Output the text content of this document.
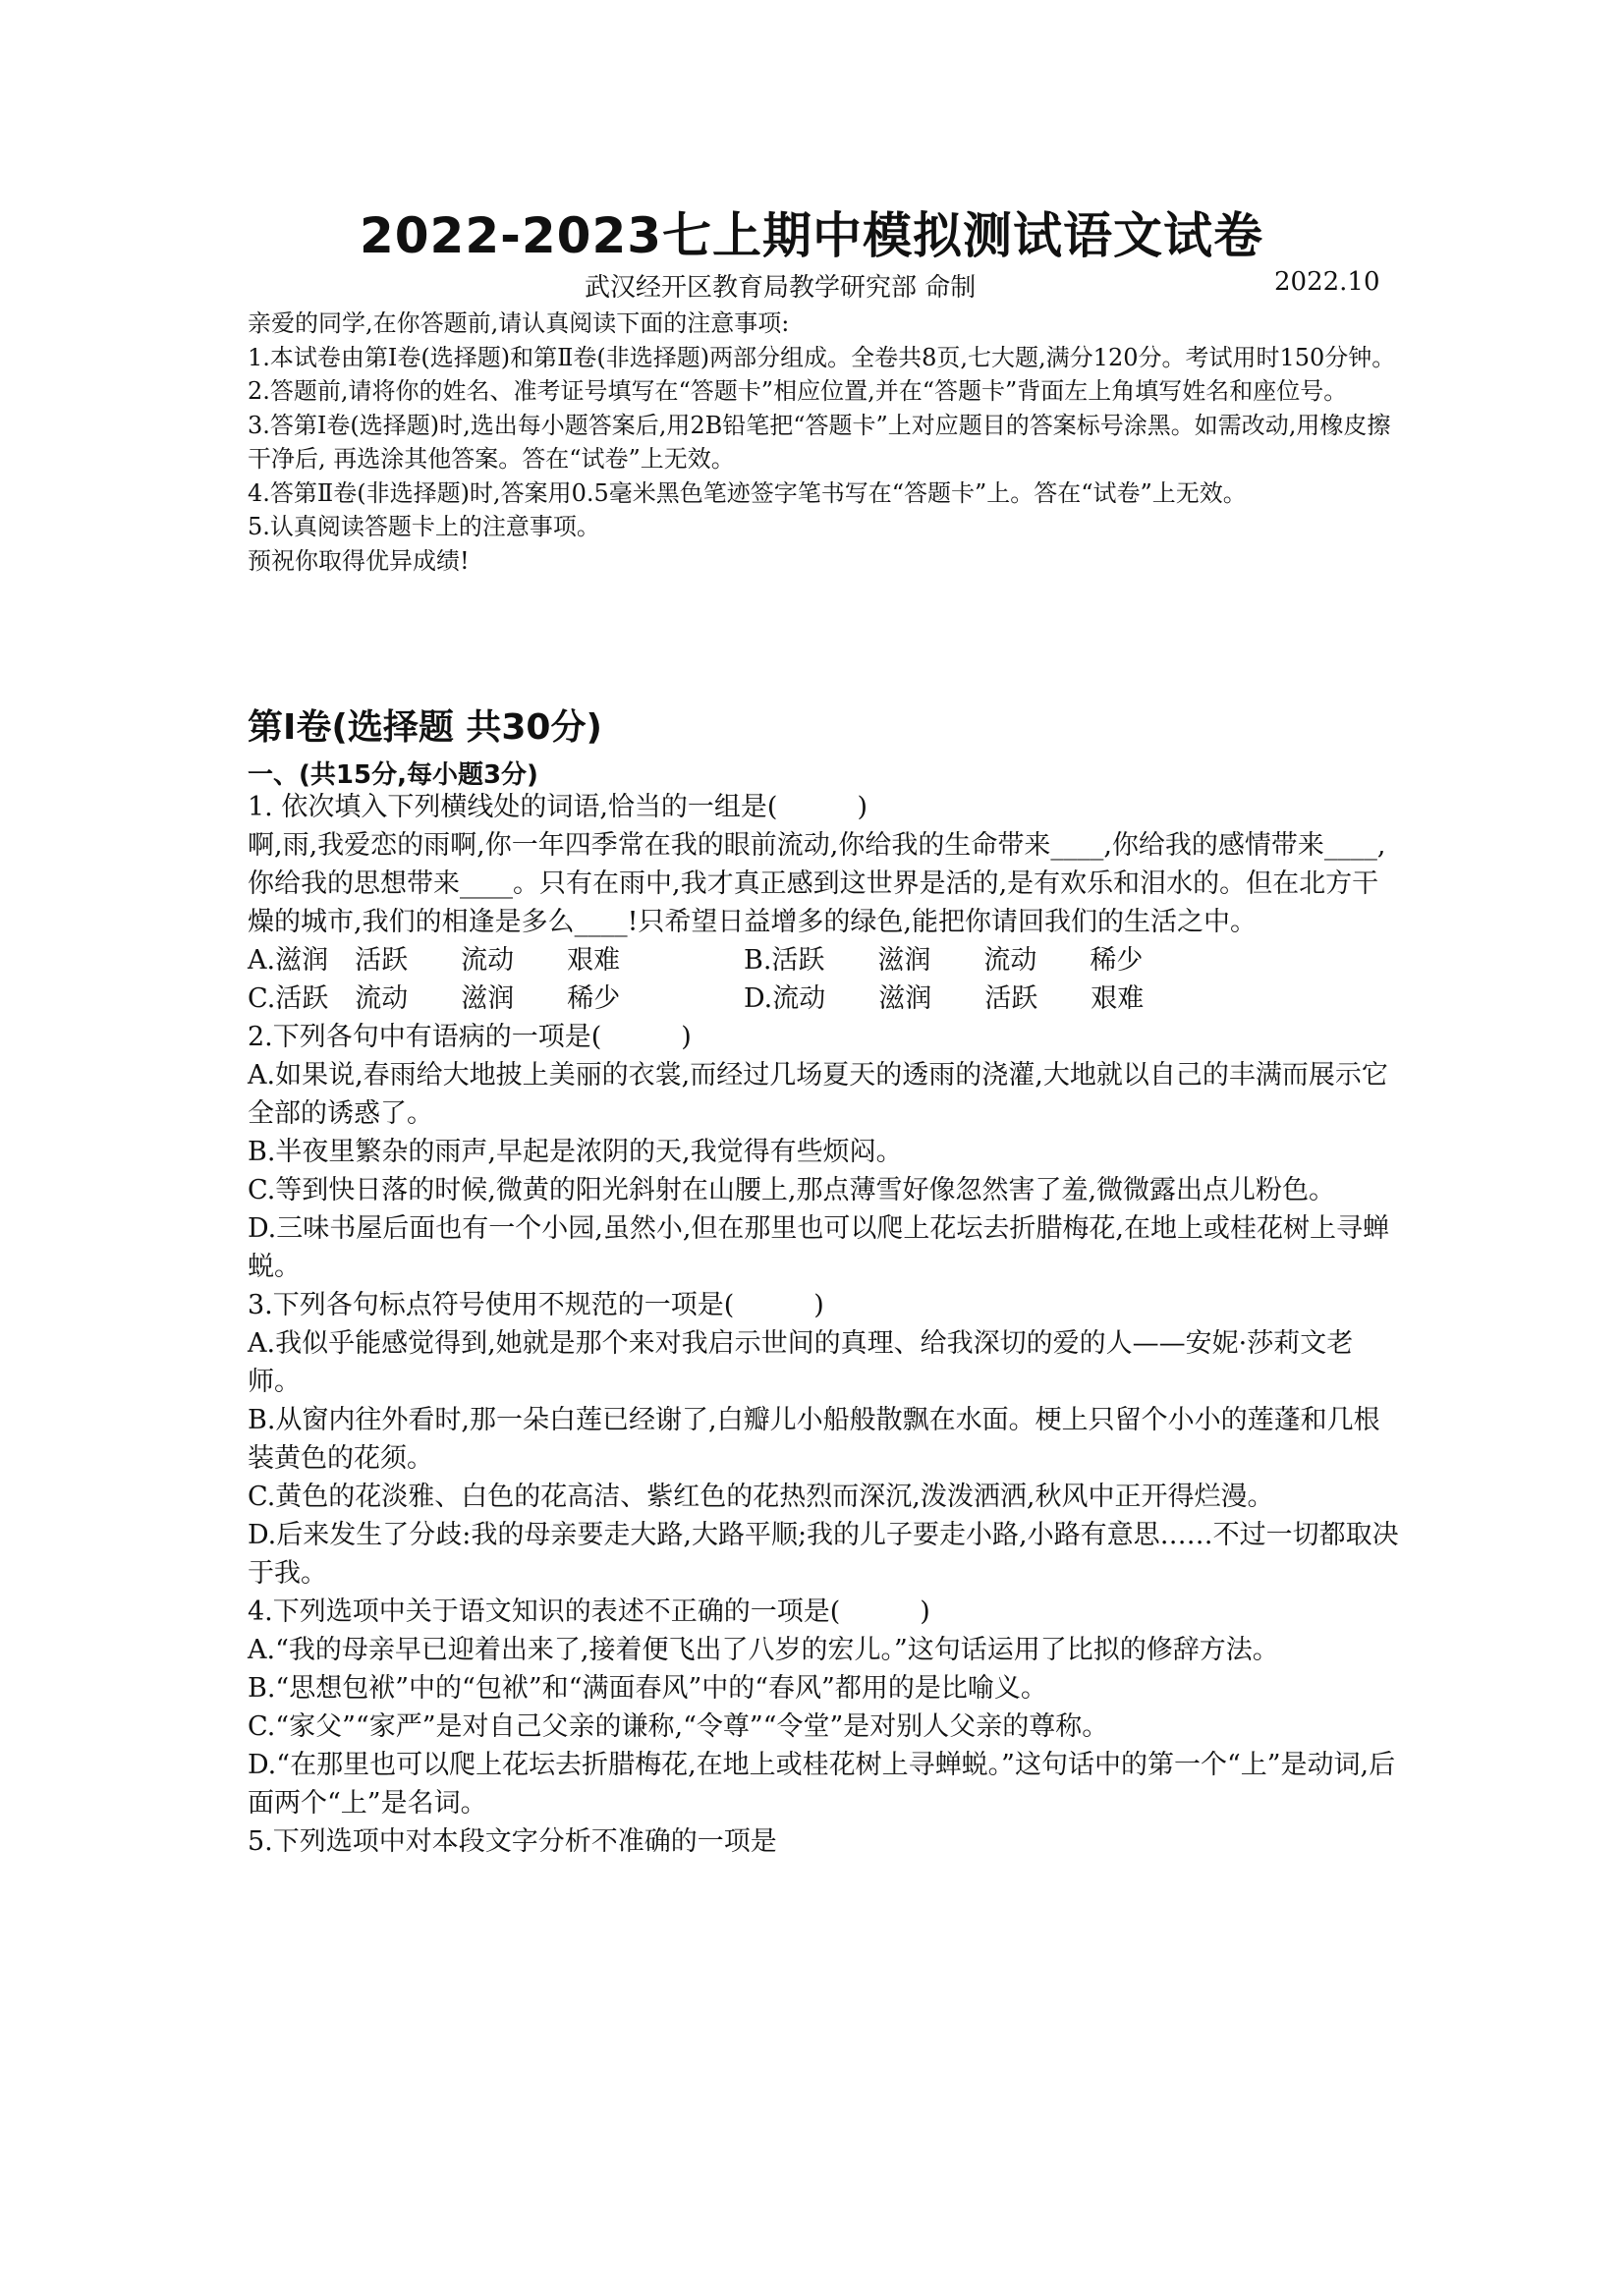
2022-2023七上期中模拟测试语文试卷
武汉经开区教育局教学研究部 命制	2022.10

亲爱的同学,在你答题前,请认真阅读下面的注意事项:

1.本试卷由第Ⅰ卷(选择题)和第Ⅱ卷(非选择题)两部分组成。全卷共8页,七大题,满分120分。考试用时150分钟。

2.答题前,请将你的姓名、准考证号填写在“答题卡”相应位置,并在“答题卡”背面左上角填写姓名和座位号。

3.答第Ⅰ卷(选择题)时,选出每小题答案后,用2B铅笔把“答题卡”上对应题目的答案标号涂黑。如需改动,用橡皮擦干净后, 再选涂其他答案。答在“试卷”上无效。

4.答第Ⅱ卷(非选择题)时,答案用0.5毫米黑色笔迹签字笔书写在“答题卡”上。答在“试卷”上无效。

5.认真阅读答题卡上的注意事项。

预祝你取得优异成绩!

第Ⅰ卷(选择题 共30分)
一、(共15分,每小题3分)

1. 依次填入下列横线处的词语,恰当的一组是(　　　)

啊,雨,我爱恋的雨啊,你一年四季常在我的眼前流动,你给我的生命带来____,你给我的感情带来____,你给我的思想带来____。只有在雨中,我才真正感到这世界是活的,是有欢乐和泪水的。但在北方干燥的城市,我们的相逢是多么____!只希望日益增多的绿色,能把你请回我们的生活之中。

A.滋润　活跃　　流动　　艰难	B.活跃　　滋润　　流动　　稀少
C.活跃　流动　　滋润　　稀少	D.流动　　滋润　　活跃　　艰难

2.下列各句中有语病的一项是(　　　)

A.如果说,春雨给大地披上美丽的衣裳,而经过几场夏天的透雨的浇灌,大地就以自己的丰满而展示它全部的诱惑了。

B.半夜里繁杂的雨声,早起是浓阴的天,我觉得有些烦闷。

C.等到快日落的时候,微黄的阳光斜射在山腰上,那点薄雪好像忽然害了羞,微微露出点儿粉色。

D.三味书屋后面也有一个小园,虽然小,但在那里也可以爬上花坛去折腊梅花,在地上或桂花树上寻蝉蜕。

3.下列各句标点符号使用不规范的一项是(　　　)

A.我似乎能感觉得到,她就是那个来对我启示世间的真理、给我深切的爱的人——安妮·莎莉文老师。

B.从窗内往外看时,那一朵白莲已经谢了,白瓣儿小船般散飘在水面。梗上只留个小小的莲蓬和几根装黄色的花须。

C.黄色的花淡雅、白色的花高洁、紫红色的花热烈而深沉,泼泼洒洒,秋风中正开得烂漫。

D.后来发生了分歧:我的母亲要走大路,大路平顺;我的儿子要走小路,小路有意思……不过一切都取决于我。

4.下列选项中关于语文知识的表述不正确的一项是(　　　)

A.“我的母亲早已迎着出来了,接着便飞出了八岁的宏儿。”这句话运用了比拟的修辞方法。

B.“思想包袱”中的“包袱”和“满面春风”中的“春风”都用的是比喻义。

C.“家父”“家严”是对自己父亲的谦称,“令尊”“令堂”是对别人父亲的尊称。

D.“在那里也可以爬上花坛去折腊梅花,在地上或桂花树上寻蝉蜕。”这句话中的第一个“上”是动词,后面两个“上”是名词。

5.下列选项中对本段文字分析不准确的一项是
